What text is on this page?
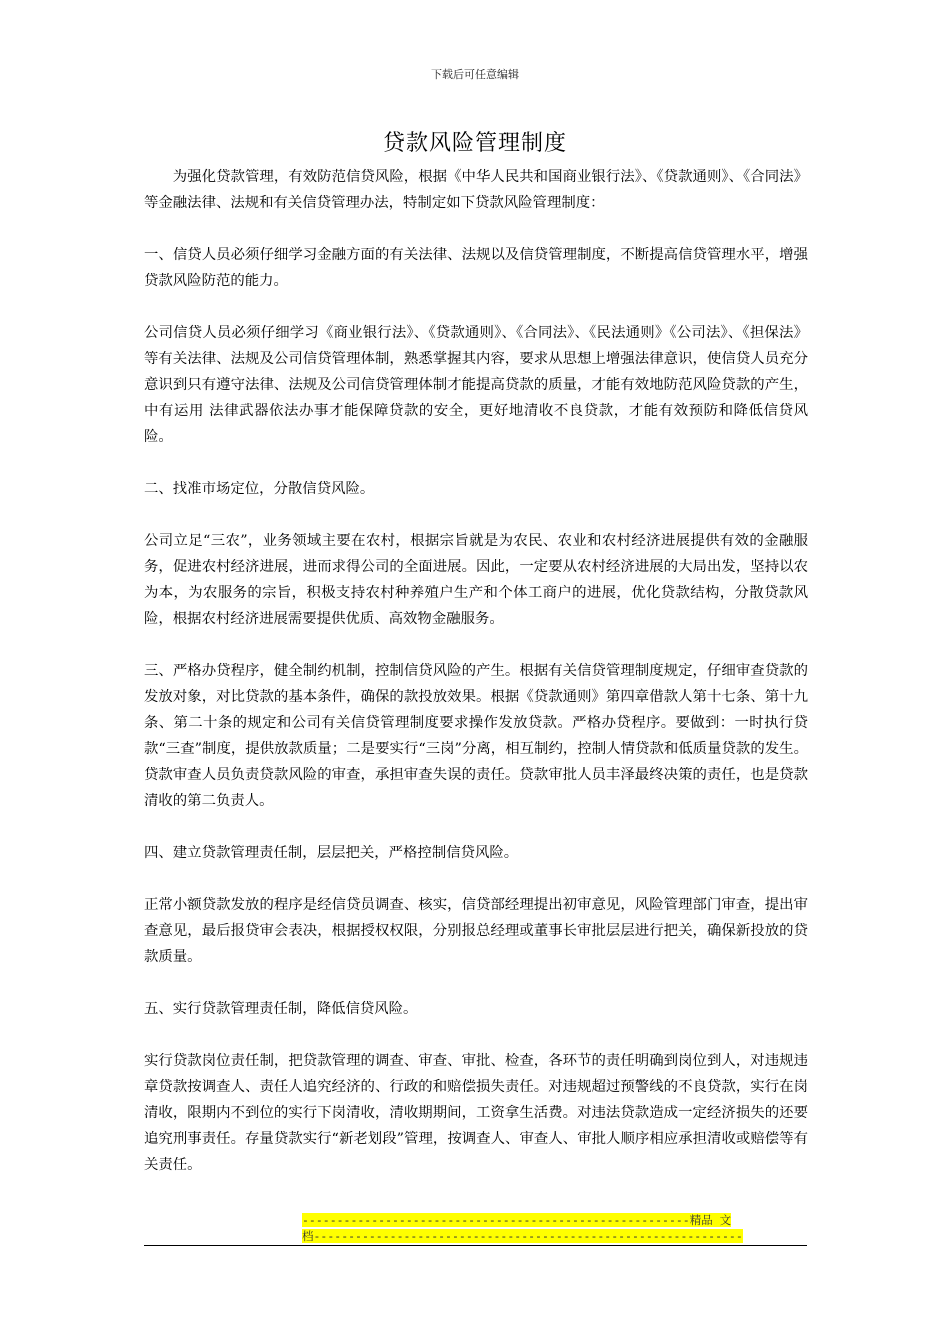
下载后可任意编辑
贷款风险管理制度

为强化贷款管理，有效防范信贷风险，根据《中华人民共和国商业银行法》、《贷款通则》、《合同法》等金融法律、法规和有关信贷管理办法，特制定如下贷款风险管理制度：

一、信贷人员必须仔细学习金融方面的有关法律、法规以及信贷管理制度，不断提高信贷管理水平，增强贷款风险防范的能力。

公司信贷人员必须仔细学习《商业银行法》、《贷款通则》、《合同法》、《民法通则》《公司法》、《担保法》等有关法律、法规及公司信贷管理体制，熟悉掌握其内容，要求从思想上增强法律意识，使信贷人员充分意识到只有遵守法律、法规及公司信贷管理体制才能提高贷款的质量，才能有效地防范风险贷款的产生，中有运用 法律武器依法办事才能保障贷款的安全，更好地清收不良贷款，才能有效预防和降低信贷风险。

二、找准市场定位，分散信贷风险。

公司立足“三农”，业务领域主要在农村，根据宗旨就是为农民、农业和农村经济进展提供有效的金融服务，促进农村经济进展，进而求得公司的全面进展。因此，一定要从农村经济进展的大局出发，坚持以农为本，为农服务的宗旨，积极支持农村种养殖户生产和个体工商户的进展，优化贷款结构，分散贷款风险，根据农村经济进展需要提供优质、高效物金融服务。

三、严格办贷程序，健全制约机制，控制信贷风险的产生。根据有关信贷管理制度规定，仔细审查贷款的发放对象，对比贷款的基本条件，确保的款投放效果。根据《贷款通则》第四章借款人第十七条、第十九条、第二十条的规定和公司有关信贷管理制度要求操作发放贷款。严格办贷程序。要做到：一时执行贷款“三查”制度，提供放款质量；二是要实行“三岗”分离，相互制约，控制人情贷款和低质量贷款的发生。贷款审查人员负责贷款风险的审查，承担审查失误的责任。贷款审批人员丰泽最终决策的责任，也是贷款清收的第二负责人。

四、建立贷款管理责任制，层层把关，严格控制信贷风险。

正常小额贷款发放的程序是经信贷员调查、核实，信贷部经理提出初审意见，风险管理部门审查，提出审查意见，最后报贷审会表决，根据授权权限，分别报总经理或董事长审批层层进行把关，确保新投放的贷款质量。

五、实行贷款管理责任制，降低信贷风险。

实行贷款岗位责任制，把贷款管理的调查、审查、审批、检查，各环节的责任明确到岗位到人，对违规违章贷款按调查人、责任人追究经济的、行政的和赔偿损失责任。对违规超过预警线的不良贷款，实行在岗清收，限期内不到位的实行下岗清收，清收期期间，工资拿生活费。对违法贷款造成一定经济损失的还要追究刑事责任。存量贷款实行“新老划段”管理，按调查人、审查人、审批人顺序相应承担清收或赔偿等有关责任。

--------------------------------------------------------精品 文
档--------------------------------------------------------------
